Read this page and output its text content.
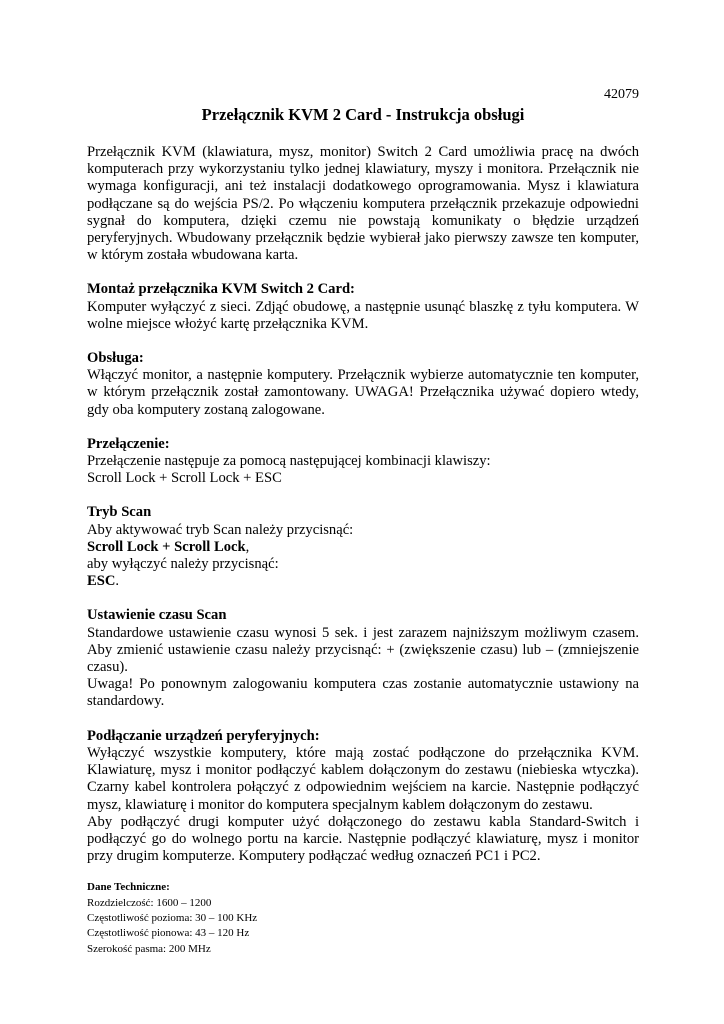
42079
Przełącznik KVM 2 Card - Instrukcja obsługi

Przełącznik KVM (klawiatura, mysz, monitor) Switch 2 Card umożliwia pracę na dwóch komputerach przy wykorzystaniu tylko jednej klawiatury, myszy i monitora. Przełącznik nie wymaga konfiguracji, ani też instalacji dodatkowego oprogramowania. Mysz i klawiatura podłączane są do wejścia PS/2. Po włączeniu komputera przełącznik przekazuje odpowiedni sygnał do komputera, dzięki czemu nie powstają komunikaty o błędzie urządzeń peryferyjnych. Wbudowany przełącznik będzie wybierał jako pierwszy zawsze ten komputer, w którym została wbudowana karta.

Montaż przełącznika KVM Switch 2 Card:

Komputer wyłączyć z sieci. Zdjąć obudowę, a następnie usunąć blaszkę z tyłu komputera. W wolne miejsce włożyć kartę przełącznika KVM.

Obsługa:

Włączyć monitor, a następnie komputery. Przełącznik wybierze automatycznie ten komputer, w którym przełącznik został zamontowany. UWAGA! Przełącznika używać dopiero wtedy, gdy oba komputery zostaną zalogowane.

Przełączenie:
Przełączenie następuje za pomocą następującej kombinacji klawiszy:
Scroll Lock + Scroll Lock + ESC
Tryb Scan
Aby aktywować tryb Scan należy przycisnąć:
Scroll Lock + Scroll Lock,
aby wyłączyć należy przycisnąć:
ESC.
Ustawienie czasu Scan

Standardowe ustawienie czasu wynosi 5 sek. i jest zarazem najniższym możliwym czasem. Aby zmienić ustawienie czasu należy przycisnąć: + (zwiększenie czasu) lub – (zmniejszenie czasu).

Uwaga! Po ponownym zalogowaniu komputera czas zostanie automatycznie ustawiony na standardowy.

Podłączanie urządzeń peryferyjnych:

Wyłączyć wszystkie komputery, które mają zostać podłączone do przełącznika KVM. Klawiaturę, mysz i monitor podłączyć kablem dołączonym do zestawu (niebieska wtyczka). Czarny kabel kontrolera połączyć z odpowiednim wejściem na karcie. Następnie podłączyć mysz, klawiaturę i monitor do komputera specjalnym kablem dołączonym do zestawu.

Aby podłączyć drugi komputer użyć dołączonego do zestawu kabla Standard-Switch i podłączyć go do wolnego portu na karcie. Następnie podłączyć klawiaturę, mysz i monitor przy drugim komputerze. Komputery podłączać według oznaczeń PC1 i PC2.

Dane Techniczne:
Rozdzielczość: 1600 – 1200
Częstotliwość pozioma: 30 – 100 KHz
Częstotliwość pionowa: 43 – 120 Hz
Szerokość pasma: 200 MHz
